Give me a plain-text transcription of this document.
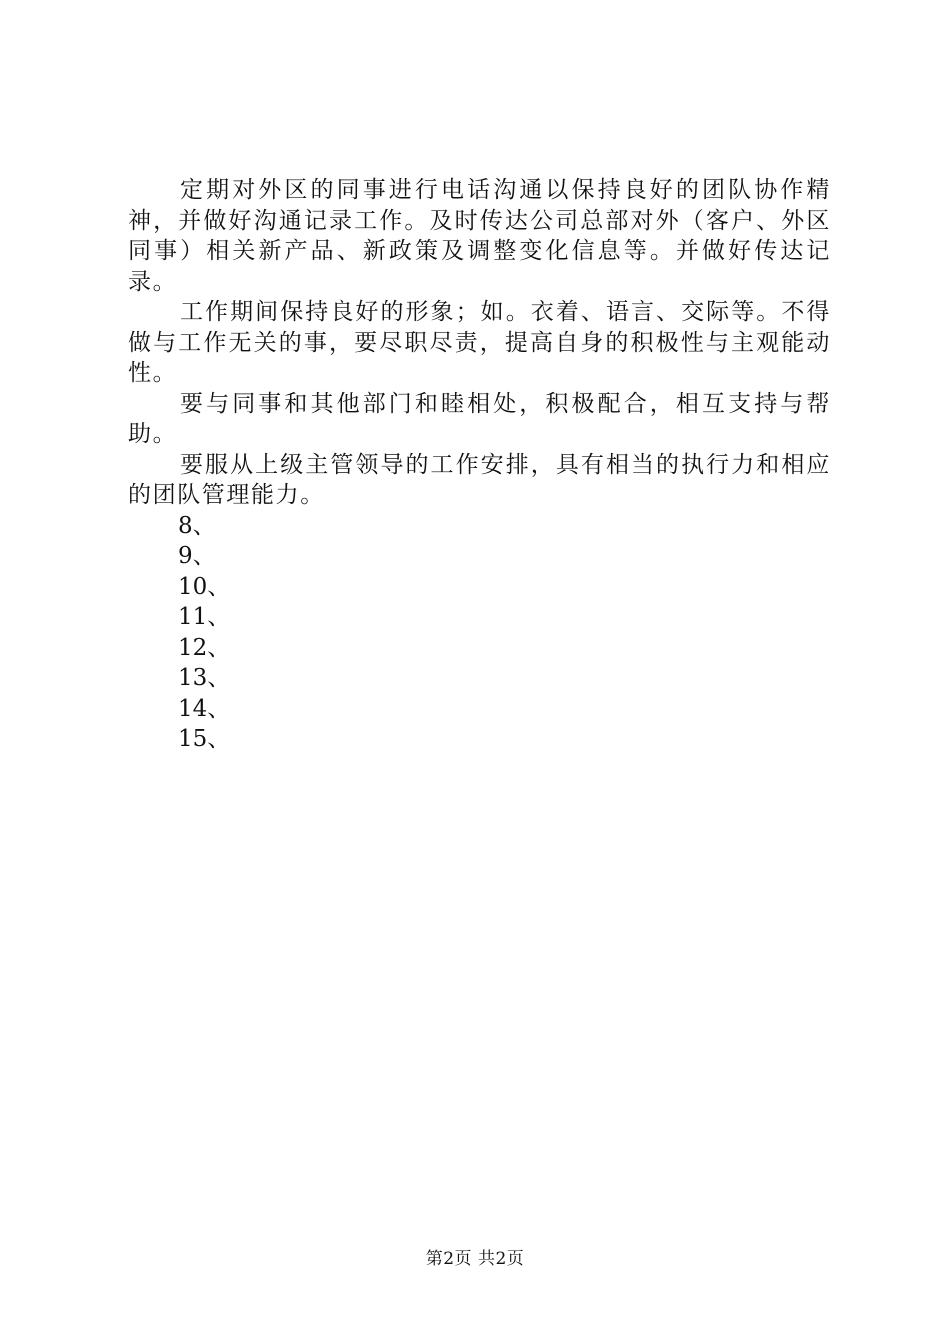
定期对外区的同事进行电话沟通以保持良好的团队协作精神，并做好沟通记录工作。及时传达公司总部对外（客户、外区同事）相关新产品、新政策及调整变化信息等。并做好传达记录。

工作期间保持良好的形象；如。衣着、语言、交际等。不得做与工作无关的事，要尽职尽责，提高自身的积极性与主观能动性。

要与同事和其他部门和睦相处，积极配合，相互支持与帮助。

要服从上级主管领导的工作安排，具有相当的执行力和相应的团队管理能力。

8、

9、

10、

11、

12、

13、

14、

15、

第2页 共2页
